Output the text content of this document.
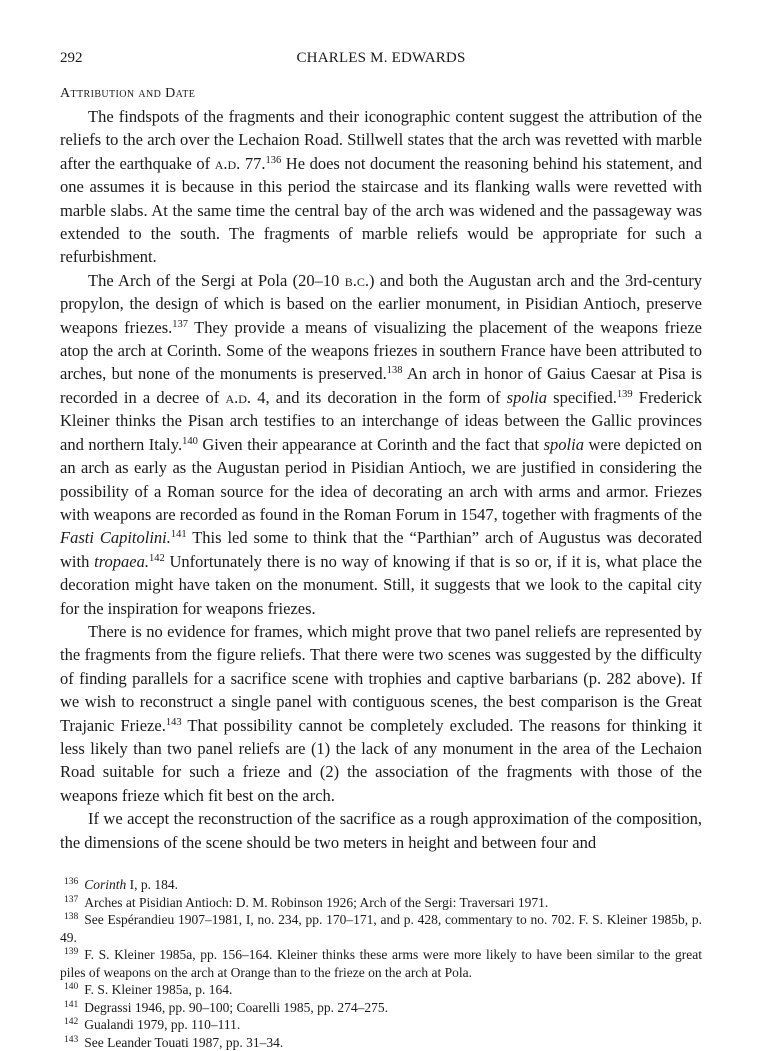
292	CHARLES M. EDWARDS
Attribution and Date

The findspots of the fragments and their iconographic content suggest the attribution of the reliefs to the arch over the Lechaion Road. Stillwell states that the arch was revetted with marble after the earthquake of a.d. 77.$^{136}$ He does not document the reasoning behind his statement, and one assumes it is because in this period the staircase and its flanking walls were revetted with marble slabs. At the same time the central bay of the arch was widened and the passageway was extended to the south. The fragments of marble reliefs would be appropriate for such a refurbishment.

The Arch of the Sergi at Pola (20–10 b.c.) and both the Augustan arch and the 3rd-century propylon, the design of which is based on the earlier monument, in Pisidian Antioch, preserve weapons friezes.$^{137}$ They provide a means of visualizing the placement of the weapons frieze atop the arch at Corinth. Some of the weapons friezes in southern France have been attributed to arches, but none of the monuments is preserved.$^{138}$ An arch in honor of Gaius Caesar at Pisa is recorded in a decree of a.d. 4, and its decoration in the form of spolia specified.$^{139}$ Frederick Kleiner thinks the Pisan arch testifies to an interchange of ideas between the Gallic provinces and northern Italy.$^{140}$ Given their appearance at Corinth and the fact that spolia were depicted on an arch as early as the Augustan period in Pisidian Antioch, we are justified in considering the possibility of a Roman source for the idea of decorating an arch with arms and armor. Friezes with weapons are recorded as found in the Roman Forum in 1547, together with fragments of the Fasti Capitolini.$^{141}$ This led some to think that the “Parthian” arch of Augustus was decorated with tropaea.$^{142}$ Unfortunately there is no way of knowing if that is so or, if it is, what place the decoration might have taken on the monument. Still, it suggests that we look to the capital city for the inspiration for weapons friezes.

There is no evidence for frames, which might prove that two panel reliefs are represented by the fragments from the figure reliefs. That there were two scenes was suggested by the difficulty of finding parallels for a sacrifice scene with trophies and captive barbarians (p. 282 above). If we wish to reconstruct a single panel with contiguous scenes, the best comparison is the Great Trajanic Frieze.$^{143}$ That possibility cannot be completely excluded. The reasons for thinking it less likely than two panel reliefs are (1) the lack of any monument in the area of the Lechaion Road suitable for such a frieze and (2) the association of the fragments with those of the weapons frieze which fit best on the arch.

If we accept the reconstruction of the sacrifice as a rough approximation of the composition, the dimensions of the scene should be two meters in height and between four and

$^{136}$ Corinth I, p. 184.

$^{137}$ Arches at Pisidian Antioch: D. M. Robinson 1926; Arch of the Sergi: Traversari 1971.

$^{138}$ See Espérandieu 1907–1981, I, no. 234, pp. 170–171, and p. 428, commentary to no. 702. F. S. Kleiner 1985b, p. 49.

$^{139}$ F. S. Kleiner 1985a, pp. 156–164. Kleiner thinks these arms were more likely to have been similar to the great piles of weapons on the arch at Orange than to the frieze on the arch at Pola.

$^{140}$ F. S. Kleiner 1985a, p. 164.

$^{141}$ Degrassi 1946, pp. 90–100; Coarelli 1985, pp. 274–275.

$^{142}$ Gualandi 1979, pp. 110–111.

$^{143}$ See Leander Touati 1987, pp. 31–34.
